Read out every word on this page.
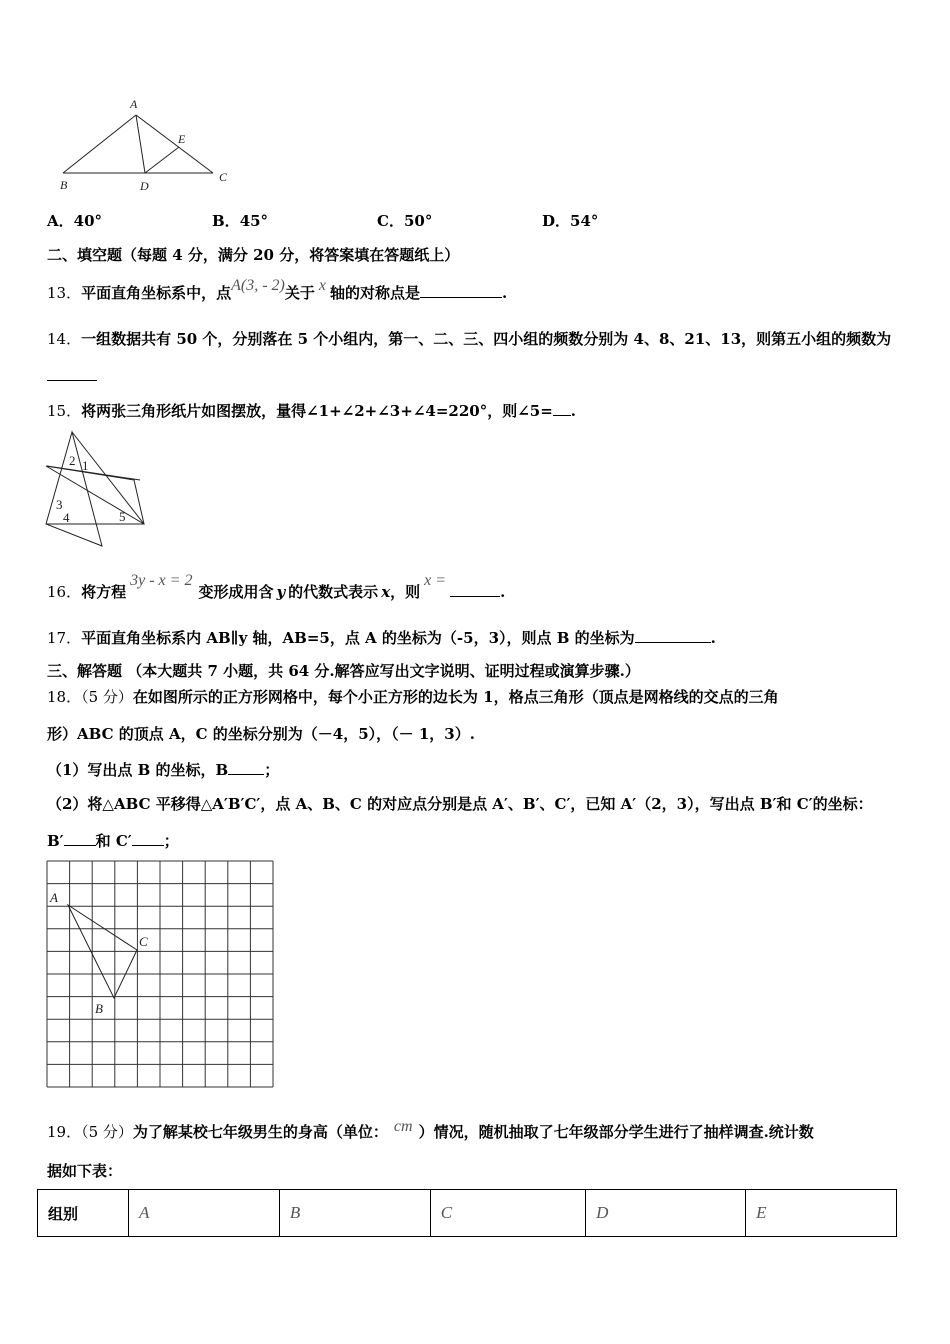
A
E
B	D
C
A．40°	B．45°	C．50°	D．54°
二、填空题（每题 4 分，满分 20 分，将答案填在答题纸上）
13．平面直角坐标系中，点A(3, - 2)关于 x 轴的对称点是	.
14．一组数据共有 50 个，分别落在 5 个小组内，第一、二、三、四小组的频数分别为 4、8、21、13，则第五小组的频数为
15．将两张三角形纸片如图摆放，量得∠1+∠2+∠3+∠4=220°，则∠5= .
2 1
3
4	5
16．将方程3y - x = 2变形成用含 y 的代数式表示 x，则x =.
17．平面直角坐标系内 AB∥y 轴，AB=5，点 A 的坐标为（-5，3），则点 B 的坐标为	.
三、解答题 （本大题共 7 小题，共 64 分.解答应写出文字说明、证明过程或演算步骤.）
18．（5 分）在如图所示的正方形网格中，每个小正方形的边长为 1，格点三角形（顶点是网格线的交点的三角
形）ABC 的顶点 A，C 的坐标分别为（－4，5），（－ 1，3）.
（1）写出点 B 的坐标，B ；
（2）将△ABC 平移得△A′B′C′，点 A、B、C 的对应点分别是点 A′、B′、C′，已知 A′（2，3），写出点 B′和 C′的坐标：
B′ 和 C′ ；
A
C
B
19．（5 分）为了解某校七年级男生的身高（单位： cm ）情况，随机抽取了七年级部分学生进行了抽样调查.统计数
据如下表：
组别	A	B	C	D	E
